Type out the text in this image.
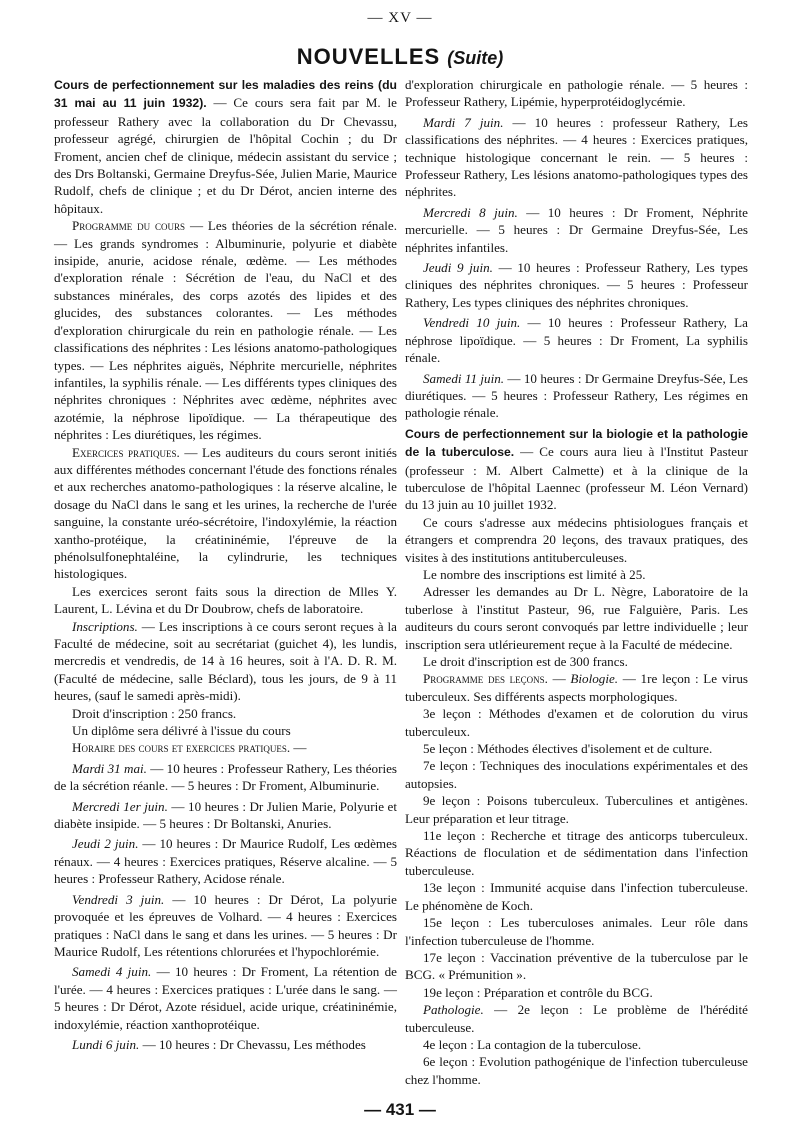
— XV —
NOUVELLES (Suite)

Cours de perfectionnement sur les maladies des reins (du 31 mai au 11 juin 1932). — Ce cours sera fait par M. le professeur Rathery avec la collaboration du Dr Chevassu, professeur agrégé, chirurgien de l'hôpital Cochin ; du Dr Froment, ancien chef de clinique, médecin assistant du service ; des Drs Boltanski, Germaine Dreyfus-Sée, Julien Marie, Maurice Rudolf, chefs de clinique ; et du Dr Dérot, ancien interne des hôpitaux.

Programme du cours — Les théories de la sécrétion rénale. — Les grands syndromes : Albuminurie, polyurie et diabète insipide, anurie, acidose rénale, œdème. — Les méthodes d'exploration rénale : Sécrétion de l'eau, du NaCl et des substances minérales, des corps azotés des lipides et des glucides, des substances colorantes. — Les méthodes d'exploration chirurgicale du rein en pathologie rénale. — Les classifications des néphrites : Les lésions anatomo-pathologiques types. — Les néphrites aiguës, Néphrite mercurielle, néphrites infantiles, la syphilis rénale. — Les différents types cliniques des néphrites chroniques : Néphrites avec œdème, néphrites avec azotémie, la néphrose lipoïdique. — La thérapeutique des néphrites : Les diurétiques, les régimes.

Exercices pratiques. — Les auditeurs du cours seront initiés aux différentes méthodes concernant l'étude des fonctions rénales et aux recherches anatomo-pathologiques : la réserve alcaline, le dosage du NaCl dans le sang et les urines, la recherche de l'urée sanguine, la constante uréo-sécrétoire, l'indoxylémie, la réaction xantho-protéique, la créatininémie, l'épreuve de la phénolsulfonephtaléine, la cylindrurie, les techniques histologiques.

Les exercices seront faits sous la direction de Mlles Y. Laurent, L. Lévina et du Dr Doubrow, chefs de laboratoire.

Inscriptions. — Les inscriptions à ce cours seront reçues à la Faculté de médecine, soit au secrétariat (guichet 4), les lundis, mercredis et vendredis, de 14 à 16 heures, soit à l'A. D. R. M. (Faculté de médecine, salle Béclard), tous les jours, de 9 à 11 heures, (sauf le samedi après-midi).

Droit d'inscription : 250 francs.

Un diplôme sera délivré à l'issue du cours

Horaire des cours et exercices pratiques. —

Mardi 31 mai. — 10 heures : Professeur Rathery, Les théories de la sécrétion réanle. — 5 heures : Dr Froment, Albuminurie.

Mercredi 1er juin. — 10 heures : Dr Julien Marie, Polyurie et diabète insipide. — 5 heures : Dr Boltanski, Anuries.

Jeudi 2 juin. — 10 heures : Dr Maurice Rudolf, Les œdèmes rénaux. — 4 heures : Exercices pratiques, Réserve alcaline. — 5 heures : Professeur Rathery, Acidose rénale.

Vendredi 3 juin. — 10 heures : Dr Dérot, La polyurie provoquée et les épreuves de Volhard. — 4 heures : Exercices pratiques : NaCl dans le sang et dans les urines. — 5 heures : Dr Maurice Rudolf, Les rétentions chlorurées et l'hypochlorémie.

Samedi 4 juin. — 10 heures : Dr Froment, La rétention de l'urée. — 4 heures : Exercices pratiques : L'urée dans le sang. — 5 heures : Dr Dérot, Azote résiduel, acide urique, créatininémie, indoxylémie, réaction xanthoprotéique.

Lundi 6 juin. — 10 heures : Dr Chevassu, Les méthodes

d'exploration chirurgicale en pathologie rénale. — 5 heures : Professeur Rathery, Lipémie, hyperprotéidoglycémie.

Mardi 7 juin. — 10 heures : professeur Rathery, Les classifications des néphrites. — 4 heures : Exercices pratiques, technique histologique concernant le rein. — 5 heures : Professeur Rathery, Les lésions anatomo-pathologiques types des néphrites.

Mercredi 8 juin. — 10 heures : Dr Froment, Néphrite mercurielle. — 5 heures : Dr Germaine Dreyfus-Sée, Les néphrites infantiles.

Jeudi 9 juin. — 10 heures : Professeur Rathery, Les types cliniques des néphrites chroniques. — 5 heures : Professeur Rathery, Les types cliniques des néphrites chroniques.

Vendredi 10 juin. — 10 heures : Professeur Rathery, La néphrose lipoïdique. — 5 heures : Dr Froment, La syphilis rénale.

Samedi 11 juin. — 10 heures : Dr Germaine Dreyfus-Sée, Les diurétiques. — 5 heures : Professeur Rathery, Les régimes en pathologie rénale.

Cours de perfectionnement sur la biologie et la pathologie de la tuberculose. — Ce cours aura lieu à l'Institut Pasteur (professeur : M. Albert Calmette) et à la clinique de la tuberculose de l'hôpital Laennec (professeur M. Léon Vernard) du 13 juin au 10 juillet 1932.

Ce cours s'adresse aux médecins phtisiologues français et étrangers et comprendra 20 leçons, des travaux pratiques, des visites à des institutions antituberculeuses.

Le nombre des inscriptions est limité à 25.

Adresser les demandes au Dr L. Nègre, Laboratoire de la tuberlose à l'institut Pasteur, 96, rue Falguière, Paris. Les auditeurs du cours seront convoqués par lettre individuelle ; leur inscription sera utlérieurement reçue à la Faculté de médecine.

Le droit d'inscription est de 300 francs.

Programme des leçons. — Biologie. — 1re leçon : Le virus tuberculeux. Ses différents aspects morphologiques.

3e leçon : Méthodes d'examen et de colorution du virus tuberculeux.

5e leçon : Méthodes électives d'isolement et de culture.

7e leçon : Techniques des inoculations expérimentales et des autopsies.

9e leçon : Poisons tuberculeux. Tuberculines et antigènes. Leur préparation et leur titrage.

11e leçon : Recherche et titrage des anticorps tuberculeux. Réactions de floculation et de sédimentation dans l'infection tuberculeuse.

13e leçon : Immunité acquise dans l'infection tuberculeuse. Le phénomène de Koch.

15e leçon : Les tuberculoses animales. Leur rôle dans l'infection tuberculeuse de l'homme.

17e leçon : Vaccination préventive de la tuberculose par le BCG. « Prémunition ».

19e leçon : Préparation et contrôle du BCG.

Pathologie. — 2e leçon : Le problème de l'hérédité tuberculeuse.

4e leçon : La contagion de la tuberculose.

6e leçon : Evolution pathogénique de l'infection tuberculeuse chez l'homme.

— 431 —
